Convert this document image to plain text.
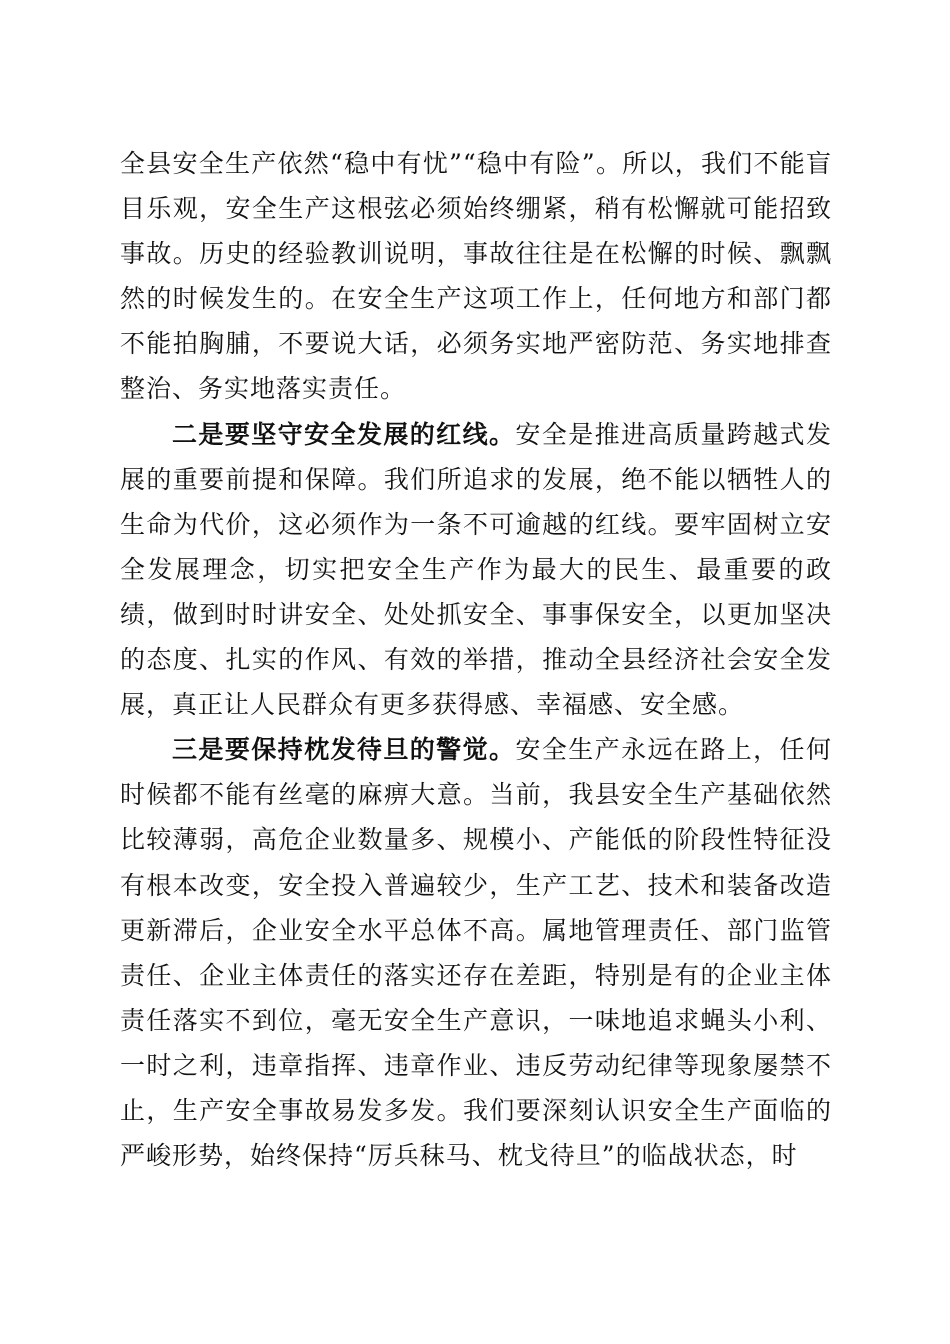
全县安全生产依然“稳中有忧”“稳中有险”。所以，我们不能盲目乐观，安全生产这根弦必须始终绷紧，稍有松懈就可能招致事故。历史的经验教训说明，事故往往是在松懈的时候、飘飘然的时候发生的。在安全生产这项工作上，任何地方和部门都不能拍胸脯，不要说大话，必须务实地严密防范、务实地排查整治、务实地落实责任。

二是要坚守安全发展的红线。安全是推进高质量跨越式发展的重要前提和保障。我们所追求的发展，绝不能以牺牲人的生命为代价，这必须作为一条不可逾越的红线。要牢固树立安全发展理念，切实把安全生产作为最大的民生、最重要的政绩，做到时时讲安全、处处抓安全、事事保安全，以更加坚决的态度、扎实的作风、有效的举措，推动全县经济社会安全发展，真正让人民群众有更多获得感、幸福感、安全感。

三是要保持枕发待旦的警觉。安全生产永远在路上，任何时候都不能有丝毫的麻痹大意。当前，我县安全生产基础依然比较薄弱，高危企业数量多、规模小、产能低的阶段性特征没有根本改变，安全投入普遍较少，生产工艺、技术和装备改造更新滞后，企业安全水平总体不高。属地管理责任、部门监管责任、企业主体责任的落实还存在差距，特别是有的企业主体责任落实不到位，毫无安全生产意识，一味地追求蝇头小利、一时之利，违章指挥、违章作业、违反劳动纪律等现象屡禁不止，生产安全事故易发多发。我们要深刻认识安全生产面临的严峻形势，始终保持“厉兵秣马、枕戈待旦”的临战状态，时
